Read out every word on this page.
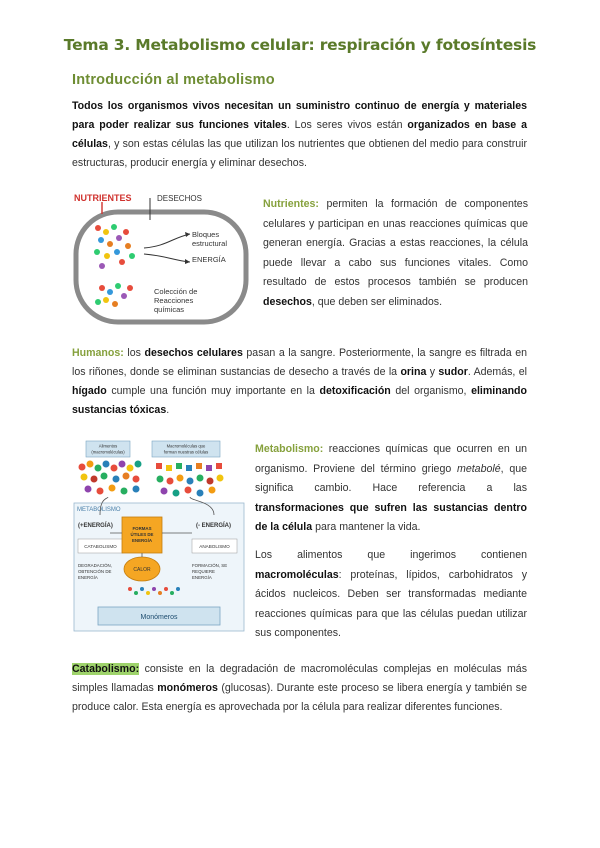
Tema 3. Metabolismo celular: respiración y fotosíntesis
Introducción al metabolismo
Todos los organismos vivos necesitan un suministro continuo de energía y materiales para poder realizar sus funciones vitales. Los seres vivos están organizados en base a células, y son estas células las que utilizan los nutrientes que obtienen del medio para construir estructuras, producir energía y eliminar desechos.
NUTRIENTES	DESECHOS
Bloques
estructural
ENERGÍA
Colección de
Reacciones
químicas
Nutrientes: permiten la formación de componentes celulares y participan en unas reacciones químicas que generan energía. Gracias a estas reacciones, la célula puede llevar a cabo sus funciones vitales. Como resultado de estos procesos también se producen desechos, que deben ser eliminados.
Humanos: los desechos celulares pasan a la sangre. Posteriormente, la sangre es filtrada en los riñones, donde se eliminan sustancias de desecho a través de la orina y sudor. Además, el hígado cumple una función muy importante en la detoxificación del organismo, eliminando sustancias tóxicas.
Alimentos
(macromoléculas)
Macromoléculas que
forman nuestras células
METABOLISMO
(+ENERGÍA)	(- ENERGÍA)
CATABOLISMO	ANABOLISMO
FORMAS
ÚTILES DE
ENERGÍA
CALOR
DEGRADACIÓN,
OBTENCIÓN DE
ENERGÍA
FORMACIÓN, SE
REQUIERE
ENERGÍA
Monómeros
Metabolismo: reacciones químicas que ocurren en un organismo. Proviene del término griego metabolé, que significa cambio. Hace referencia a las transformaciones que sufren las sustancias dentro de la célula para mantener la vida.
Los alimentos que ingerimos contienen macromoléculas: proteínas, lípidos, carbohidratos y ácidos nucleicos. Deben ser transformadas mediante reacciones químicas para que las células puedan utilizar sus componentes.
Catabolismo: consiste en la degradación de macromoléculas complejas en moléculas más simples llamadas monómeros (glucosas). Durante este proceso se libera energía y también se produce calor. Esta energía es aprovechada por la célula para realizar diferentes funciones.
